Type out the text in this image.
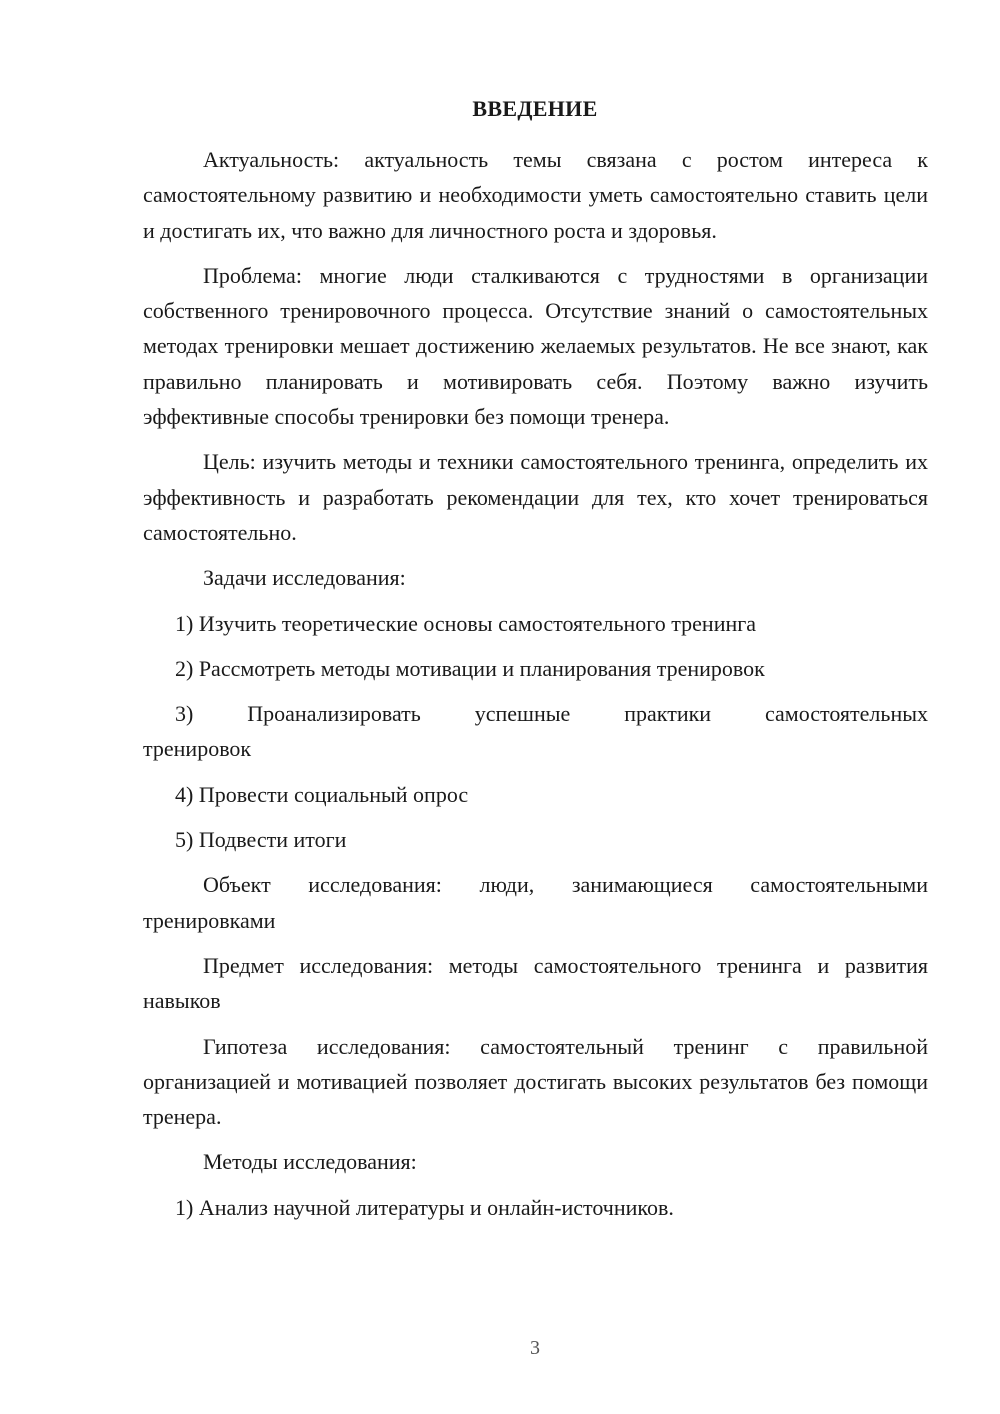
ВВЕДЕНИЕ

Актуальность: актуальность темы связана с ростом интереса к самостоятельному развитию и необходимости уметь самостоятельно ставить цели и достигать их, что важно для личностного роста и здоровья.

Проблема: многие люди сталкиваются с трудностями в организации собственного тренировочного процесса. Отсутствие знаний о самостоятельных методах тренировки мешает достижению желаемых результатов. Не все знают, как правильно планировать и мотивировать себя. Поэтому важно изучить эффективные способы тренировки без помощи тренера.

Цель: изучить методы и техники самостоятельного тренинга, определить их эффективность и разработать рекомендации для тех, кто хочет тренироваться самостоятельно.

Задачи исследования:

1) Изучить теоретические основы самостоятельного тренинга

2) Рассмотреть методы мотивации и планирования тренировок

3) Проанализировать успешные практики самостоятельных

тренировок

4) Провести социальный опрос

5) Подвести итоги

Объект исследования: люди, занимающиеся самостоятельными тренировками

Предмет исследования: методы самостоятельного тренинга и развития навыков

Гипотеза исследования: самостоятельный тренинг с правильной организацией и мотивацией позволяет достигать высоких результатов без помощи тренера.

Методы исследования:

1) Анализ научной литературы и онлайн-источников.

3
